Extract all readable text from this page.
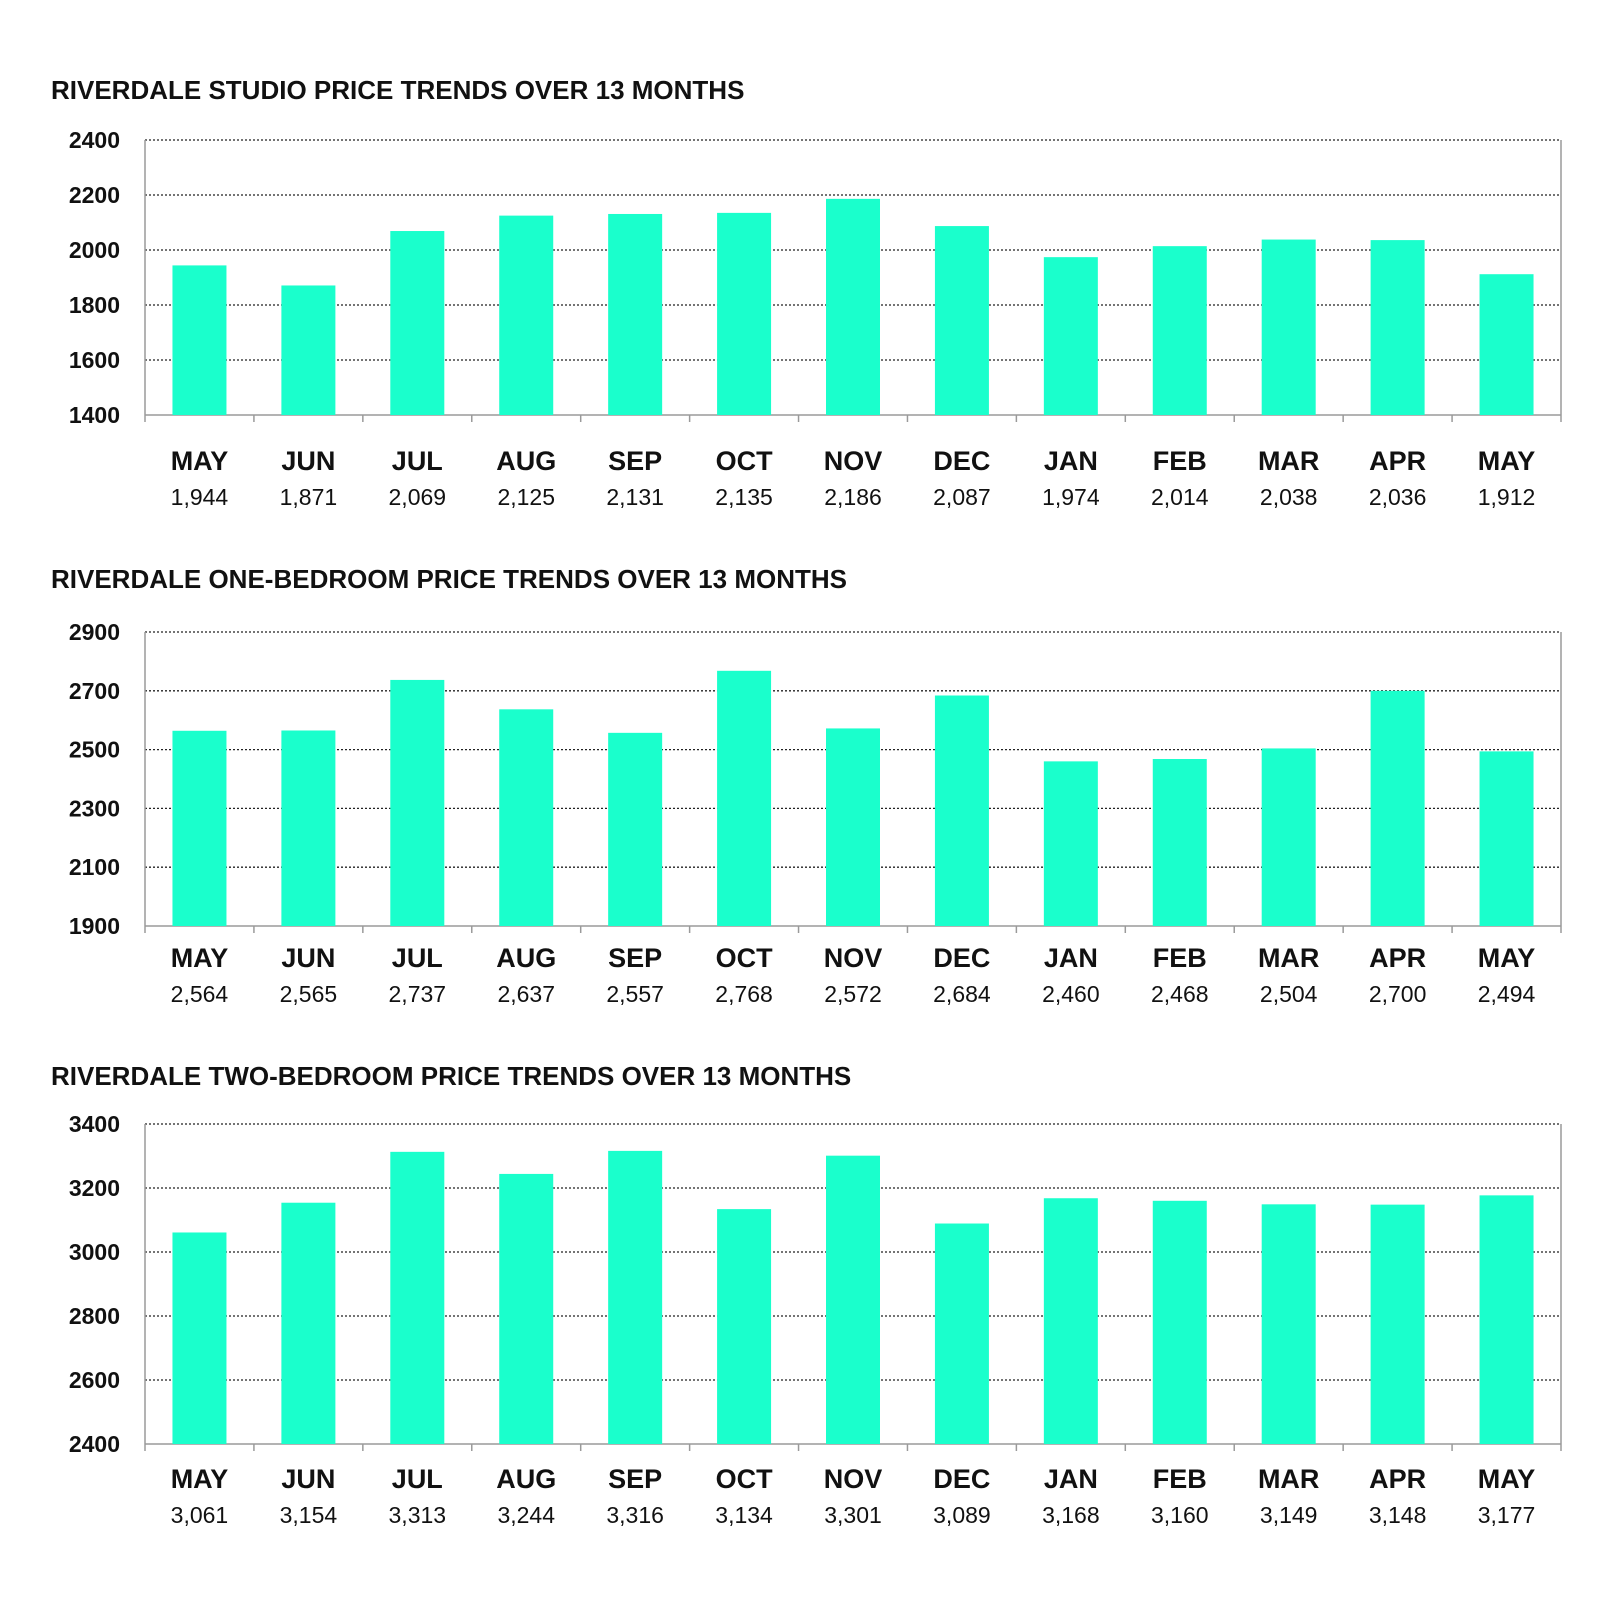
RIVERDALE STUDIO PRICE TRENDS OVER 13 MONTHS
1400
1600
1800
2000
2200
2400
MAY
1,944
JUN
1,871
JUL
2,069
AUG
2,125
SEP
2,131
OCT
2,135
NOV
2,186
DEC
2,087
JAN
1,974
FEB
2,014
MAR
2,038
APR
2,036
MAY
1,912
RIVERDALE ONE-BEDROOM PRICE TRENDS OVER 13 MONTHS
1900
2100
2300
2500
2700
2900
MAY
2,564
JUN
2,565
JUL
2,737
AUG
2,637
SEP
2,557
OCT
2,768
NOV
2,572
DEC
2,684
JAN
2,460
FEB
2,468
MAR
2,504
APR
2,700
MAY
2,494
RIVERDALE TWO-BEDROOM PRICE TRENDS OVER 13 MONTHS
2400
2600
2800
3000
3200
3400
MAY
3,061
JUN
3,154
JUL
3,313
AUG
3,244
SEP
3,316
OCT
3,134
NOV
3,301
DEC
3,089
JAN
3,168
FEB
3,160
MAR
3,149
APR
3,148
MAY
3,177
